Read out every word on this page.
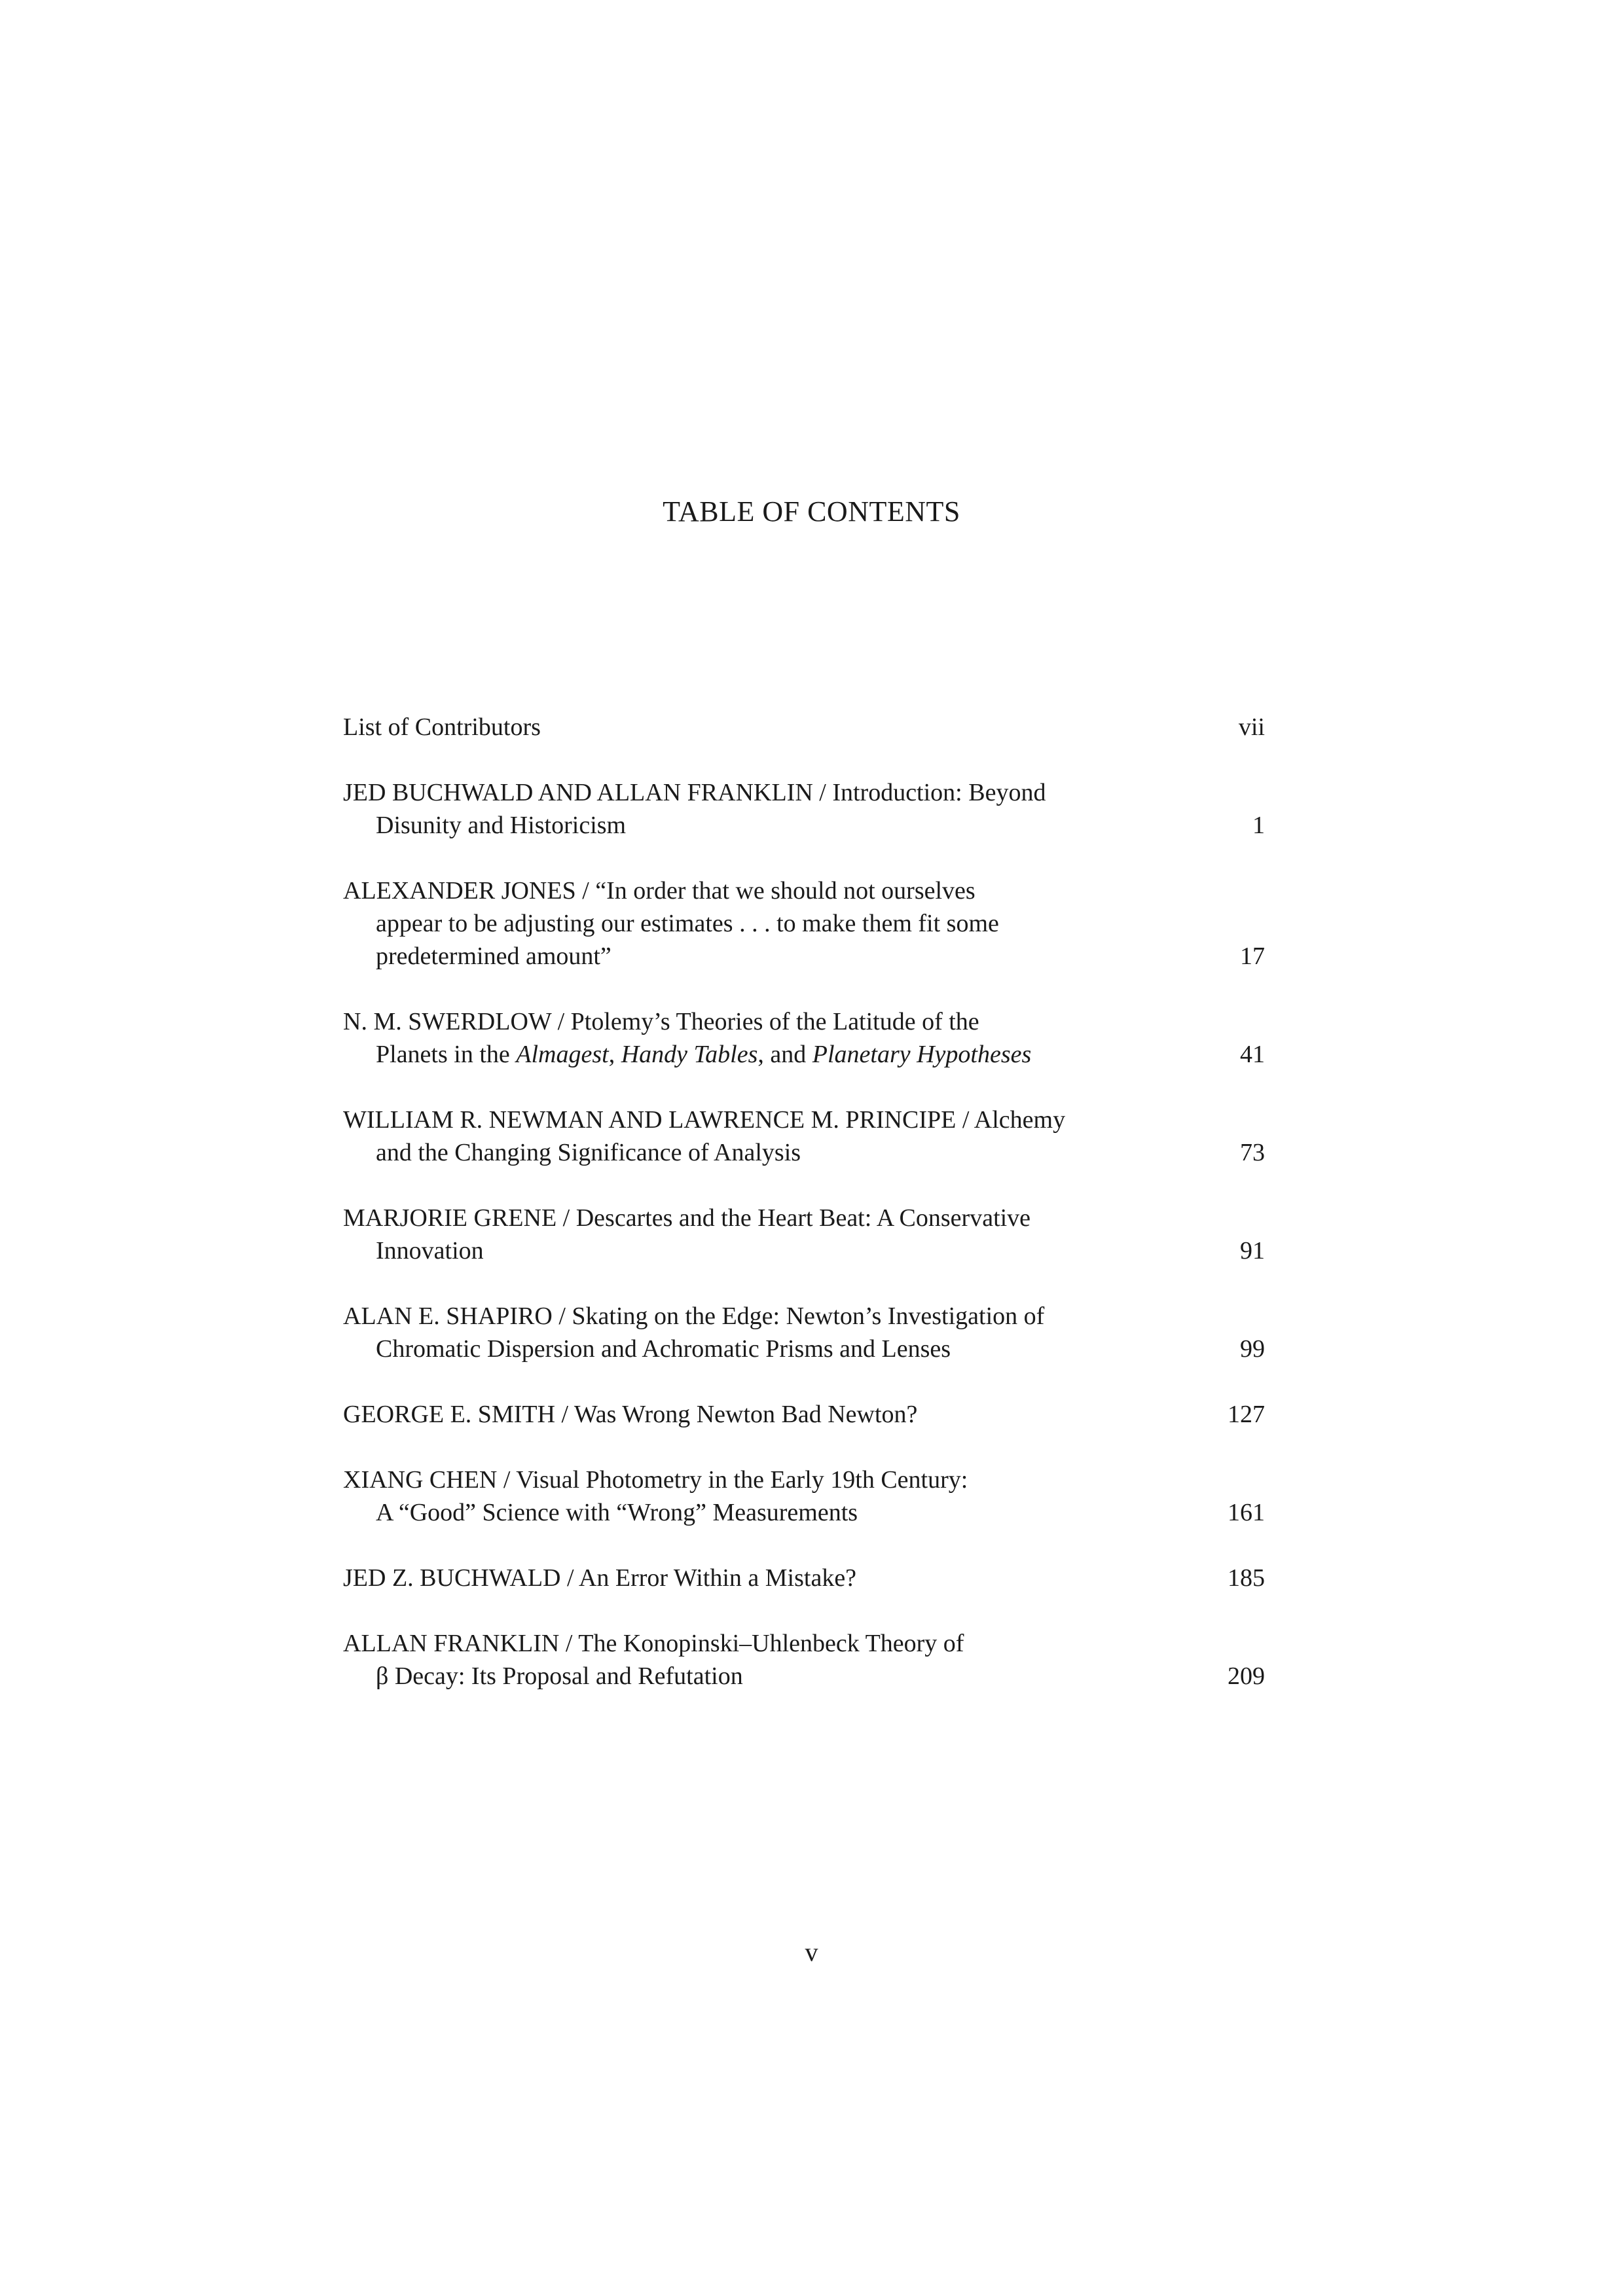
TABLE OF CONTENTS
List of Contributors	vii
JED BUCHWALD AND ALLAN FRANKLIN / Introduction: Beyond
Disunity and Historicism	1
ALEXANDER JONES / “In order that we should not ourselves
appear to be adjusting our estimates . . . to make them fit some
predetermined amount”	17
N. M. SWERDLOW / Ptolemy’s Theories of the Latitude of the
Planets in the Almagest, Handy Tables, and Planetary Hypotheses	41
WILLIAM R. NEWMAN AND LAWRENCE M. PRINCIPE / Alchemy
and the Changing Significance of Analysis	73
MARJORIE GRENE / Descartes and the Heart Beat: A Conservative
Innovation	91
ALAN E. SHAPIRO / Skating on the Edge: Newton’s Investigation of
Chromatic Dispersion and Achromatic Prisms and Lenses	99
GEORGE E. SMITH / Was Wrong Newton Bad Newton?	127
XIANG CHEN / Visual Photometry in the Early 19th Century:
A “Good” Science with “Wrong” Measurements	161
JED Z. BUCHWALD / An Error Within a Mistake?	185
ALLAN FRANKLIN / The Konopinski–Uhlenbeck Theory of
β Decay: Its Proposal and Refutation	209
v
